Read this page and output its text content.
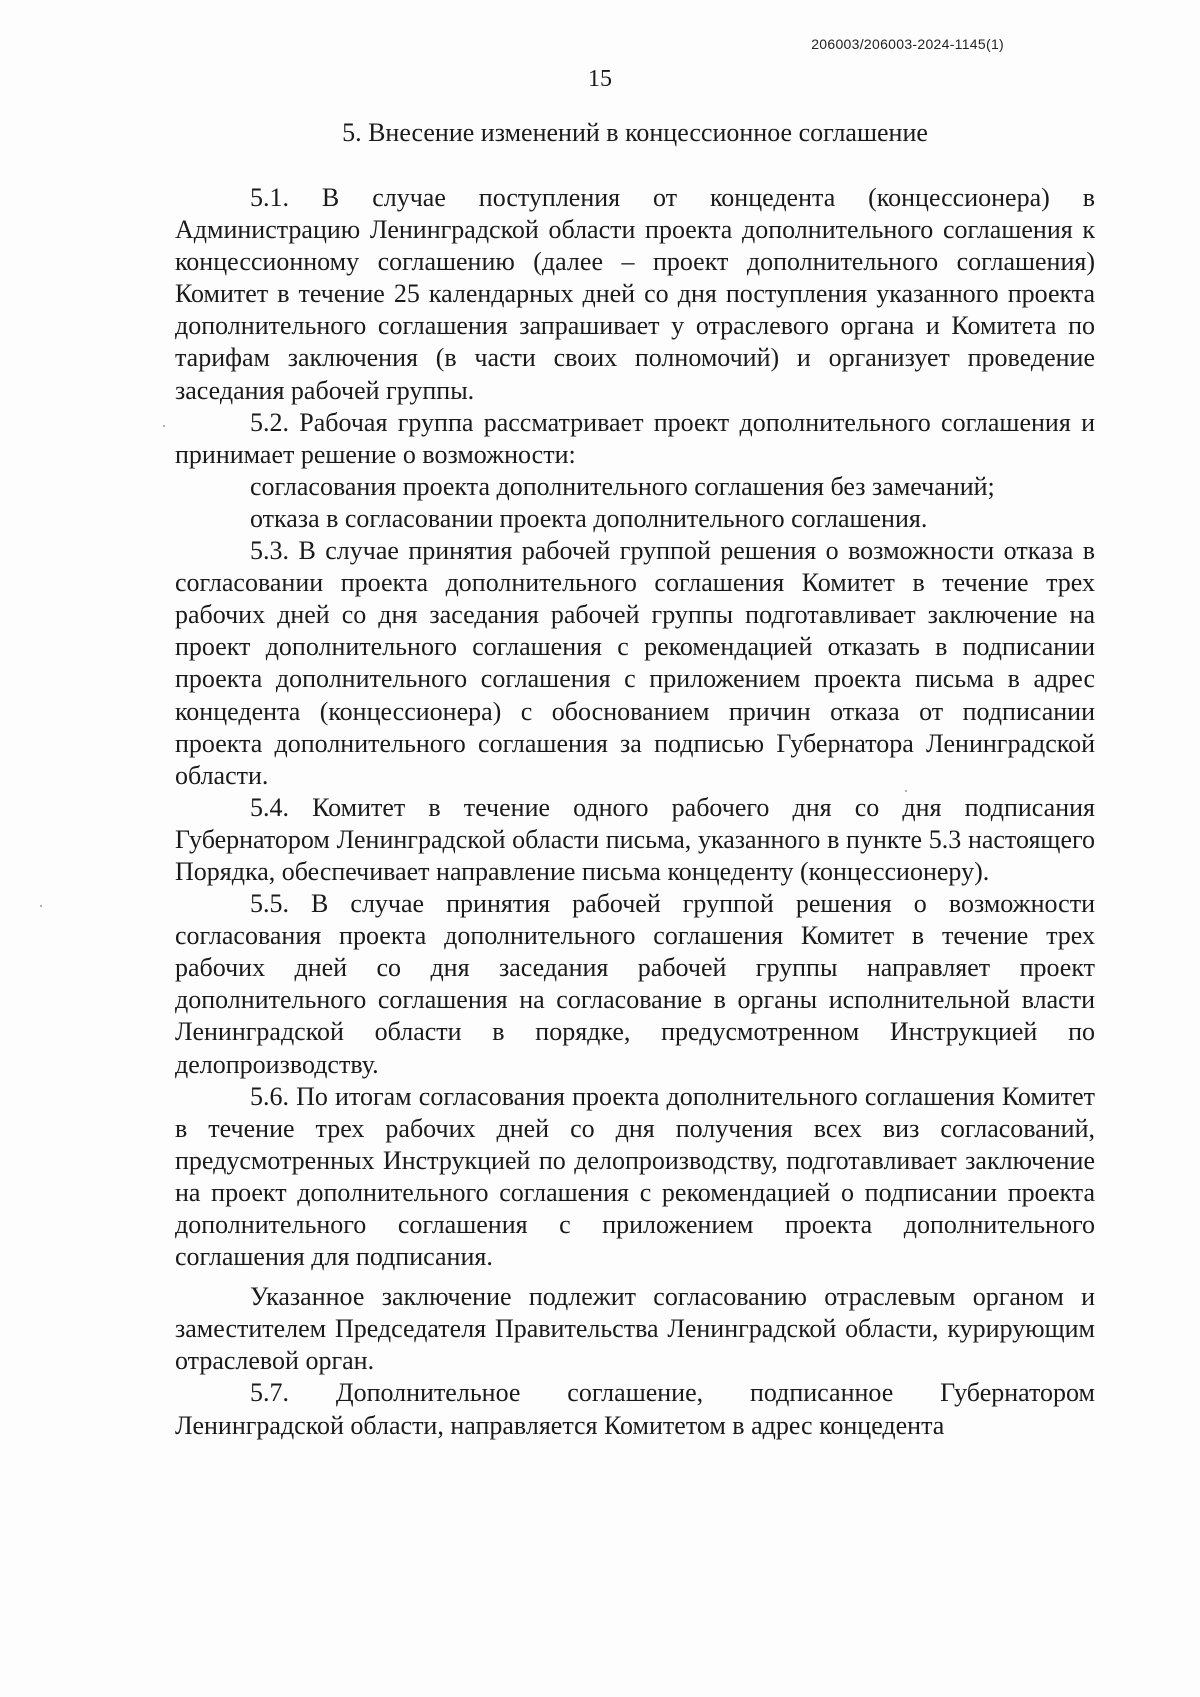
206003/206003-2024-1145(1)
15
5. Внесение изменений в концессионное соглашение

5.1. В случае поступления от концедента (концессионера) в Администрацию Ленинградской области проекта дополнительного соглашения к концессионному соглашению (далее – проект дополнительного соглашения) Комитет в течение 25 календарных дней со дня поступления указанного проекта дополнительного соглашения запрашивает у отраслевого органа и Комитета по тарифам заключения (в части своих полномочий) и организует проведение заседания рабочей группы.

5.2. Рабочая группа рассматривает проект дополнительного соглашения и принимает решение о возможности:

согласования проекта дополнительного соглашения без замечаний;

отказа в согласовании проекта дополнительного соглашения.

5.3. В случае принятия рабочей группой решения о возможности отказа в согласовании проекта дополнительного соглашения Комитет в течение трех рабочих дней со дня заседания рабочей группы подготавливает заключение на проект дополнительного соглашения с рекомендацией отказать в подписании проекта дополнительного соглашения с приложением проекта письма в адрес концедента (концессионера) с обоснованием причин отказа от подписании проекта дополнительного соглашения за подписью Губернатора Ленинградской области.

5.4. Комитет в течение одного рабочего дня со дня подписания Губернатором Ленинградской области письма, указанного в пункте 5.3 настоящего Порядка, обеспечивает направление письма концеденту (концессионеру).

5.5. В случае принятия рабочей группой решения о возможности согласования проекта дополнительного соглашения Комитет в течение трех рабочих дней со дня заседания рабочей группы направляет проект дополнительного соглашения на согласование в органы исполнительной власти Ленинградской области в порядке, предусмотренном Инструкцией по делопроизводству.

5.6. По итогам согласования проекта дополнительного соглашения Комитет в течение трех рабочих дней со дня получения всех виз согласований, предусмотренных Инструкцией по делопроизводству, подготавливает заключение на проект дополнительного соглашения с рекомендацией о подписании проекта дополнительного соглашения с приложением проекта дополнительного соглашения для подписания.

Указанное заключение подлежит согласованию отраслевым органом и заместителем Председателя Правительства Ленинградской области, курирующим отраслевой орган.

5.7. Дополнительное соглашение, подписанное Губернатором Ленинградской области, направляется Комитетом в адрес концедента
